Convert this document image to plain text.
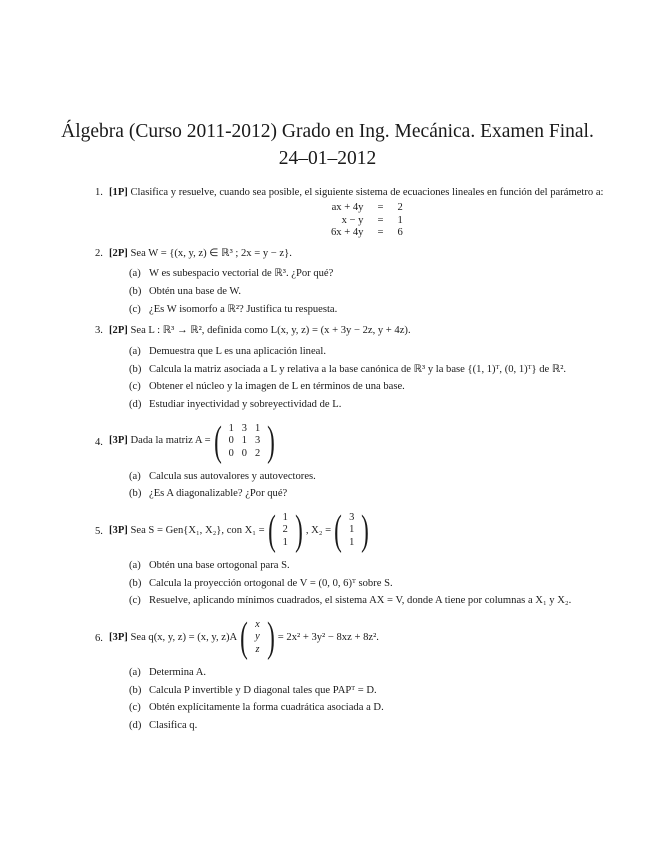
Álgebra (Curso 2011-2012) Grado en Ing. Mecánica. Examen Final.
24–01–2012
1. [1P] Clasifica y resuelve, cuando sea posible, el siguiente sistema de ecuaciones lineales en función del parámetro a:
ax + 4y	=	2
x − y	=	1
6x + 4y	=	6
2. [2P] Sea W = {(x, y, z) ∈ ℝ³ ; 2x = y − z}.
(a) W es subespacio vectorial de ℝ³. ¿Por qué?
(b) Obtén una base de W.
(c) ¿Es W isomorfo a ℝ²? Justifica tu respuesta.
3. [2P] Sea L : ℝ³ → ℝ², definida como L(x, y, z) = (x + 3y − 2z, y + 4z).
(a) Demuestra que L es una aplicación lineal.
(b) Calcula la matriz asociada a L y relativa a la base canónica de ℝ³ y la base {(1, 1)ᵀ, (0, 1)ᵀ} de ℝ².
(c) Obtener el núcleo y la imagen de L en términos de una base.
(d) Estudiar inyectividad y sobreyectividad de L.
4. [3P]
Dada la matriz A = ( 1	3	1
0	1	3
0	0	2 )
(a) Calcula sus autovalores y autovectores.
(b) ¿Es A diagonalizable? ¿Por qué?
5. [3P]
Sea S = Gen{X₁, X₂}, con X₁ = ( 1
2
1 ) , X₂ = ( 3
1
1 )
(a) Obtén una base ortogonal para S.
(b) Calcula la proyección ortogonal de V = (0, 0, 6)ᵀ sobre S.
(c) Resuelve, aplicando mínimos cuadrados, el sistema AX = V, donde A tiene por columnas a X₁ y X₂.
6. [3P]
Sea q(x, y, z) = (x, y, z)A ( x
y
z ) = 2x² + 3y² − 8xz + 8z².
(a) Determina A.
(b) Calcula P invertible y D diagonal tales que PAPᵀ = D.
(c) Obtén explícitamente la forma cuadrática asociada a D.
(d) Clasifica q.
